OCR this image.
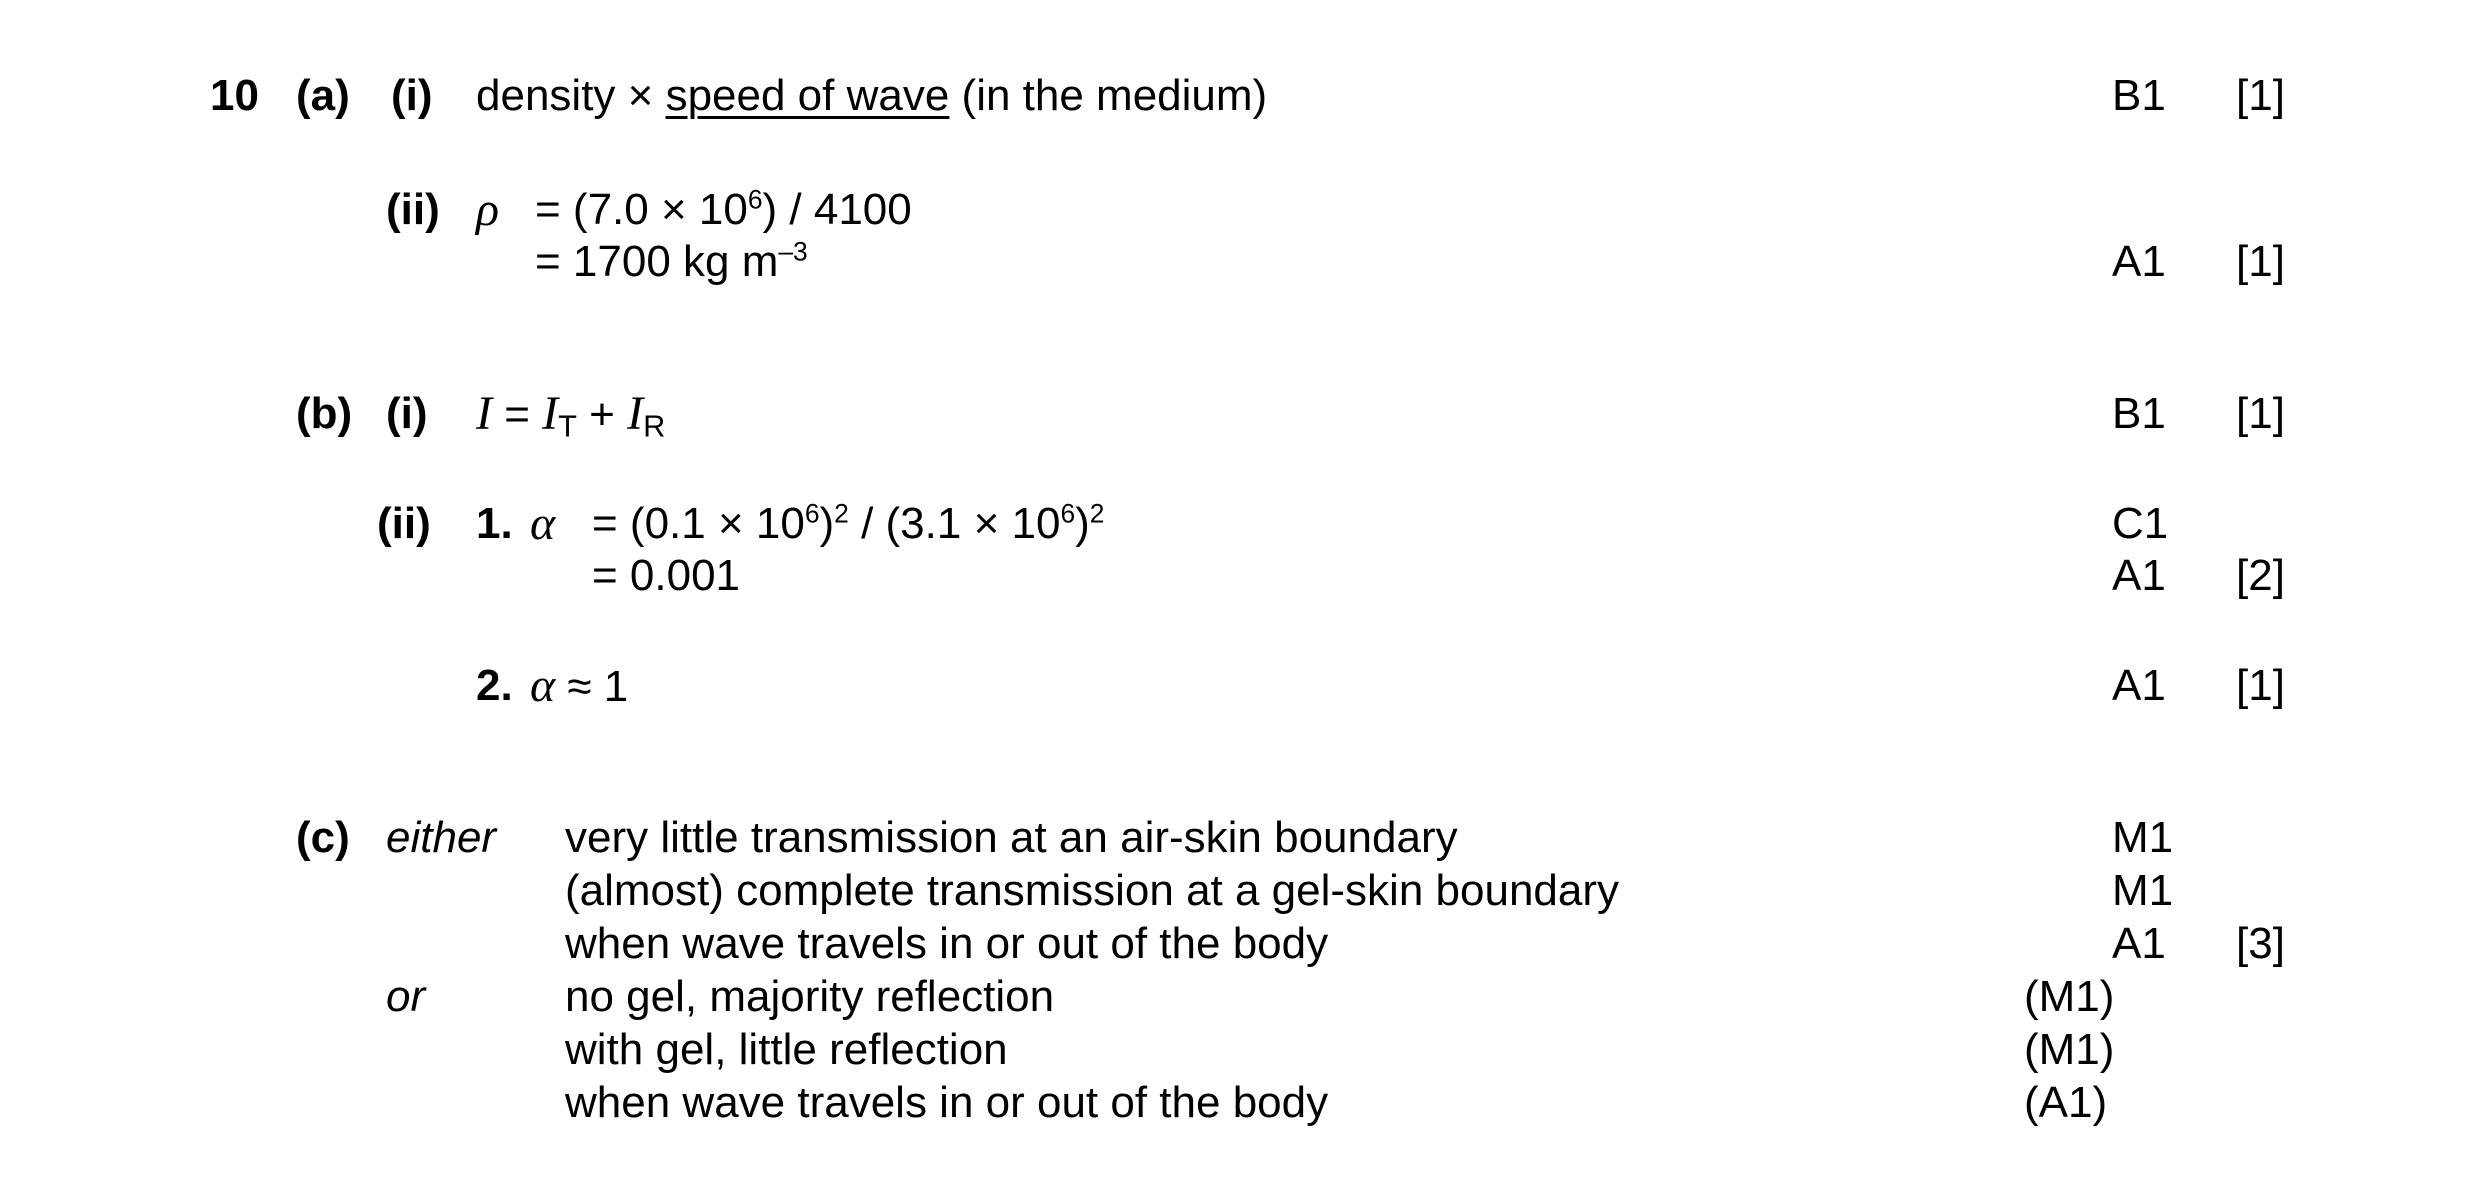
10 (a) (i) density × speed of wave (in the medium)	B1 [1]
(ii) $\rho = (7.0 \times 10^6) / 4100$
= 1700 kg $m^{-3}$	A1 [1]
(b) (i) $I = I_T + I_R$	B1 [1]
(ii) 1. $\alpha = (0.1 \times 10^6)^2 / (3.1 \times 10^6)^2$	C1
= 0.001	A1 [2]
2. α ≈ 1	A1 [1]
(c) either very little transmission at an air-skin boundary	M1
(almost) complete transmission at a gel-skin boundary	M1
when wave travels in or out of the body	A1 [3]
or	no gel, majority reflection	(M1)
with gel, little reflection	(M1)
when wave travels in or out of the body	(A1)
